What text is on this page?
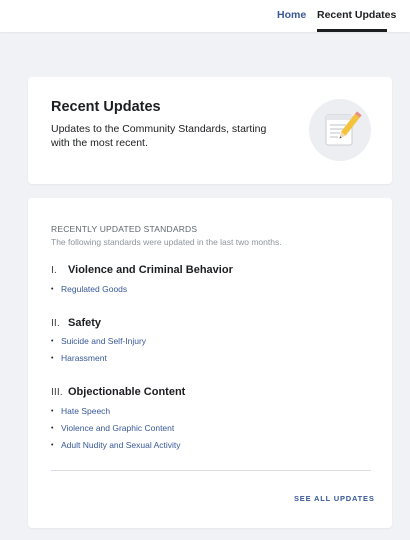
Home Recent Updates
Recent Updates
Updates to the Community Standards, starting with the most recent.
RECENTLY UPDATED STANDARDS
The following standards were updated in the last two months.
I.	Violence and Criminal Behavior
• Regulated Goods
II. Safety
• Suicide and Self-Injury
• Harassment
III. Objectionable Content
• Hate Speech
• Violence and Graphic Content
• Adult Nudity and Sexual Activity
SEE ALL UPDATES
